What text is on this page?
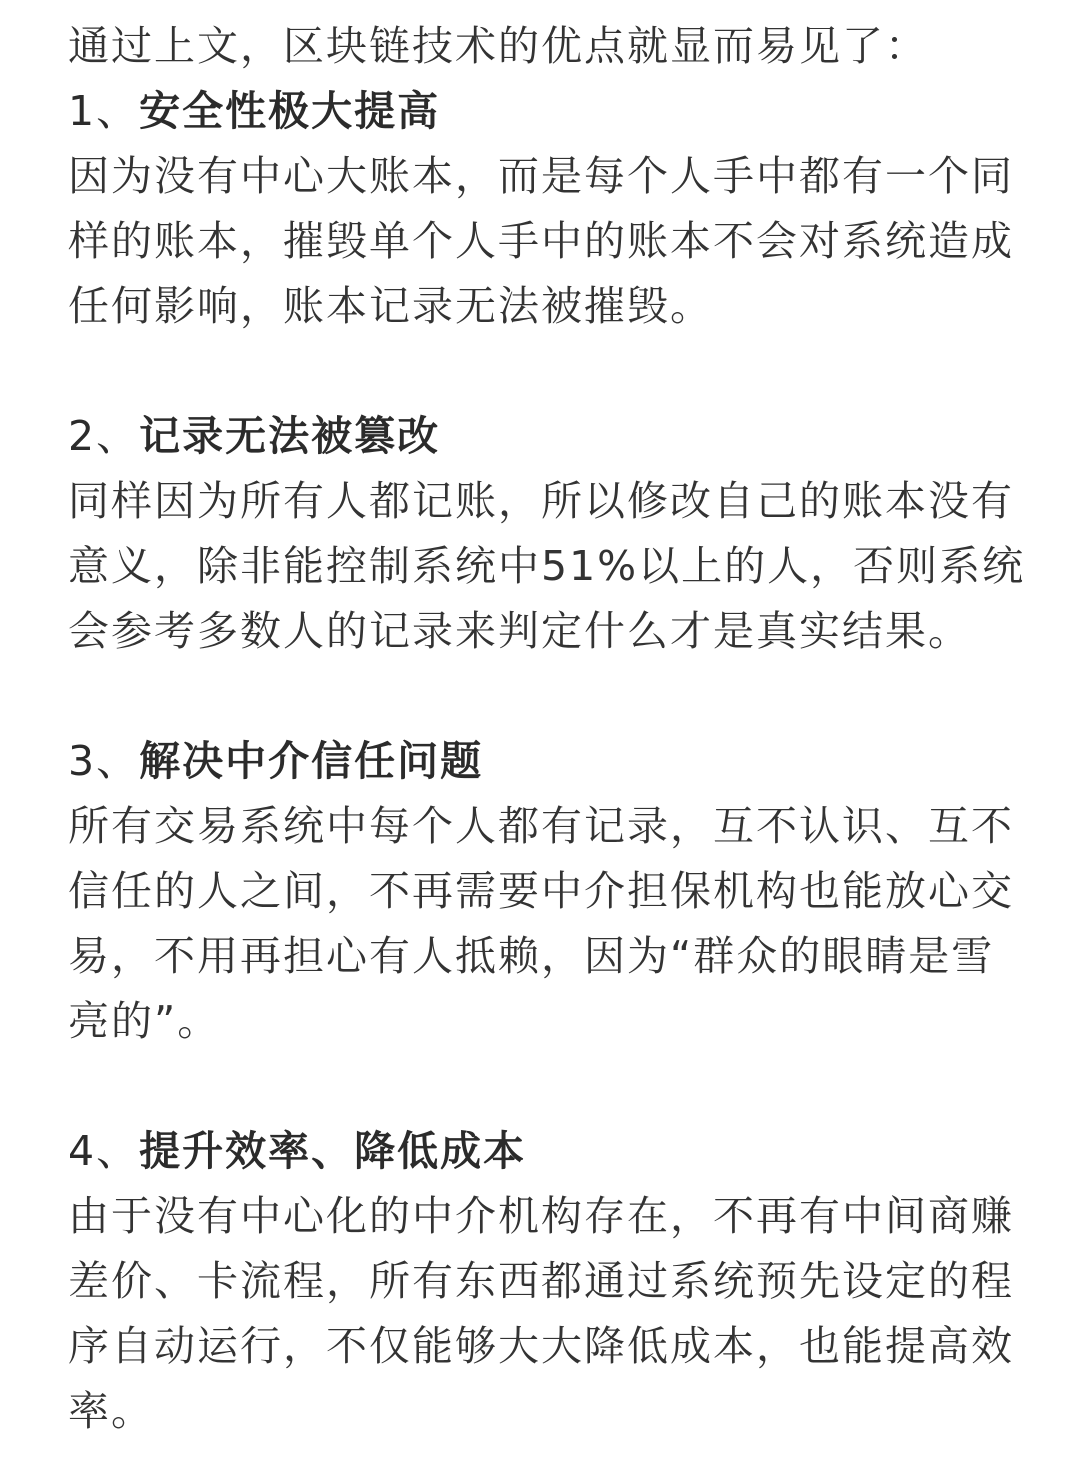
通过上文，区块链技术的优点就显而易见了：
1、安全性极大提高
因为没有中心大账本，而是每个人手中都有一个同
样的账本，摧毁单个人手中的账本不会对系统造成
任何影响，账本记录无法被摧毁。
2、记录无法被篡改
同样因为所有人都记账，所以修改自己的账本没有
意义，除非能控制系统中51%以上的人，否则系统
会参考多数人的记录来判定什么才是真实结果。
3、解决中介信任问题
所有交易系统中每个人都有记录，互不认识、互不
信任的人之间，不再需要中介担保机构也能放心交
易，不用再担心有人抵赖，因为“群众的眼睛是雪
亮的”。
4、提升效率、降低成本
由于没有中心化的中介机构存在，不再有中间商赚
差价、卡流程，所有东西都通过系统预先设定的程
序自动运行，不仅能够大大降低成本，也能提高效
率。
